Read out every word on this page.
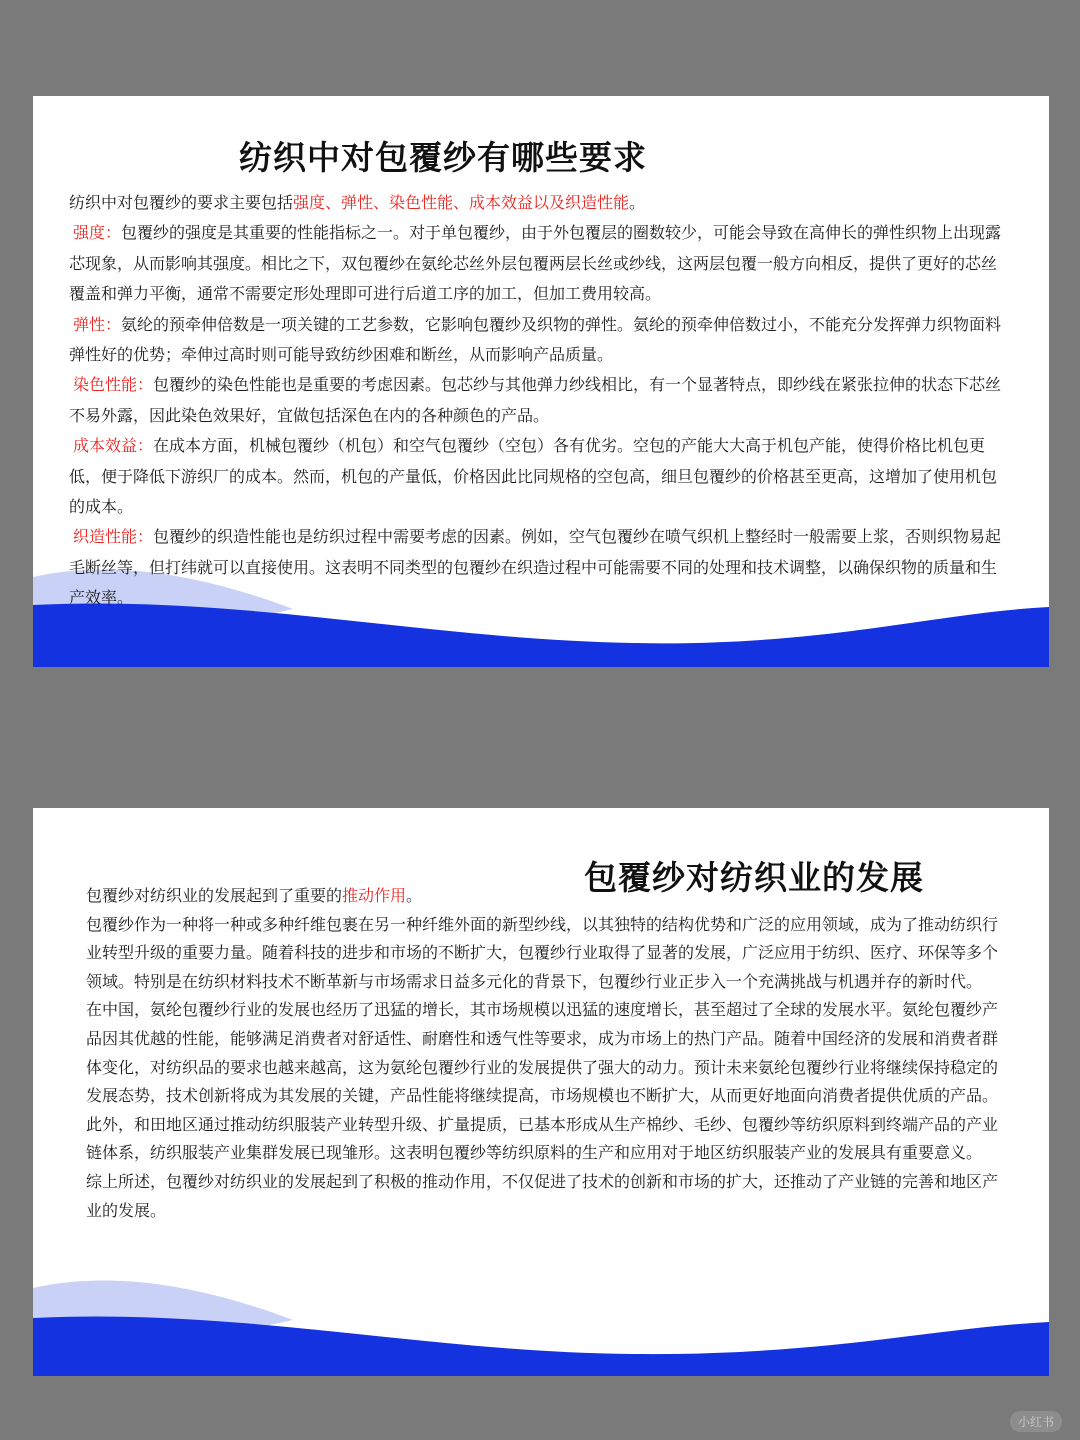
纺织中对包覆纱有哪些要求

纺织中对包覆纱的要求主要包括强度、弹性、染色性能、成本效益以及织造性能。

强度：包覆纱的强度是其重要的性能指标之一。对于单包覆纱，由于外包覆层的圈数较少，可能会导致在高伸长的弹性织物上出现露芯现象，从而影响其强度。相比之下，双包覆纱在氨纶芯丝外层包覆两层长丝或纱线，这两层包覆一般方向相反，提供了更好的芯丝覆盖和弹力平衡，通常不需要定形处理即可进行后道工序的加工，但加工费用较高。

弹性：氨纶的预牵伸倍数是一项关键的工艺参数，它影响包覆纱及织物的弹性。氨纶的预牵伸倍数过小，不能充分发挥弹力织物面料弹性好的优势；牵伸过高时则可能导致纺纱困难和断丝，从而影响产品质量。

染色性能：包覆纱的染色性能也是重要的考虑因素。包芯纱与其他弹力纱线相比，有一个显著特点，即纱线在紧张拉伸的状态下芯丝不易外露，因此染色效果好，宜做包括深色在内的各种颜色的产品。

成本效益：在成本方面，机械包覆纱（机包）和空气包覆纱（空包）各有优劣。空包的产能大大高于机包产能，使得价格比机包更低，便于降低下游织厂的成本。然而，机包的产量低，价格因此比同规格的空包高，细旦包覆纱的价格甚至更高，这增加了使用机包的成本。

织造性能：包覆纱的织造性能也是纺织过程中需要考虑的因素。例如，空气包覆纱在喷气织机上整经时一般需要上浆，否则织物易起毛断丝等，但打纬就可以直接使用。这表明不同类型的包覆纱在织造过程中可能需要不同的处理和技术调整，以确保织物的质量和生产效率。

包覆纱对纺织业的发展

包覆纱对纺织业的发展起到了重要的推动作用。

包覆纱作为一种将一种或多种纤维包裹在另一种纤维外面的新型纱线，以其独特的结构优势和广泛的应用领域，成为了推动纺织行业转型升级的重要力量。随着科技的进步和市场的不断扩大，包覆纱行业取得了显著的发展，广泛应用于纺织、医疗、环保等多个领域。特别是在纺织材料技术不断革新与市场需求日益多元化的背景下，包覆纱行业正步入一个充满挑战与机遇并存的新时代。

在中国，氨纶包覆纱行业的发展也经历了迅猛的增长，其市场规模以迅猛的速度增长，甚至超过了全球的发展水平。氨纶包覆纱产品因其优越的性能，能够满足消费者对舒适性、耐磨性和透气性等要求，成为市场上的热门产品。随着中国经济的发展和消费者群体变化，对纺织品的要求也越来越高，这为氨纶包覆纱行业的发展提供了强大的动力。预计未来氨纶包覆纱行业将继续保持稳定的发展态势，技术创新将成为其发展的关键，产品性能将继续提高，市场规模也不断扩大，从而更好地面向消费者提供优质的产品。

此外，和田地区通过推动纺织服装产业转型升级、扩量提质，已基本形成从生产棉纱、毛纱、包覆纱等纺织原料到终端产品的产业链体系，纺织服装产业集群发展已现雏形。这表明包覆纱等纺织原料的生产和应用对于地区纺织服装产业的发展具有重要意义。

综上所述，包覆纱对纺织业的发展起到了积极的推动作用，不仅促进了技术的创新和市场的扩大，还推动了产业链的完善和地区产业的发展。

小红书
